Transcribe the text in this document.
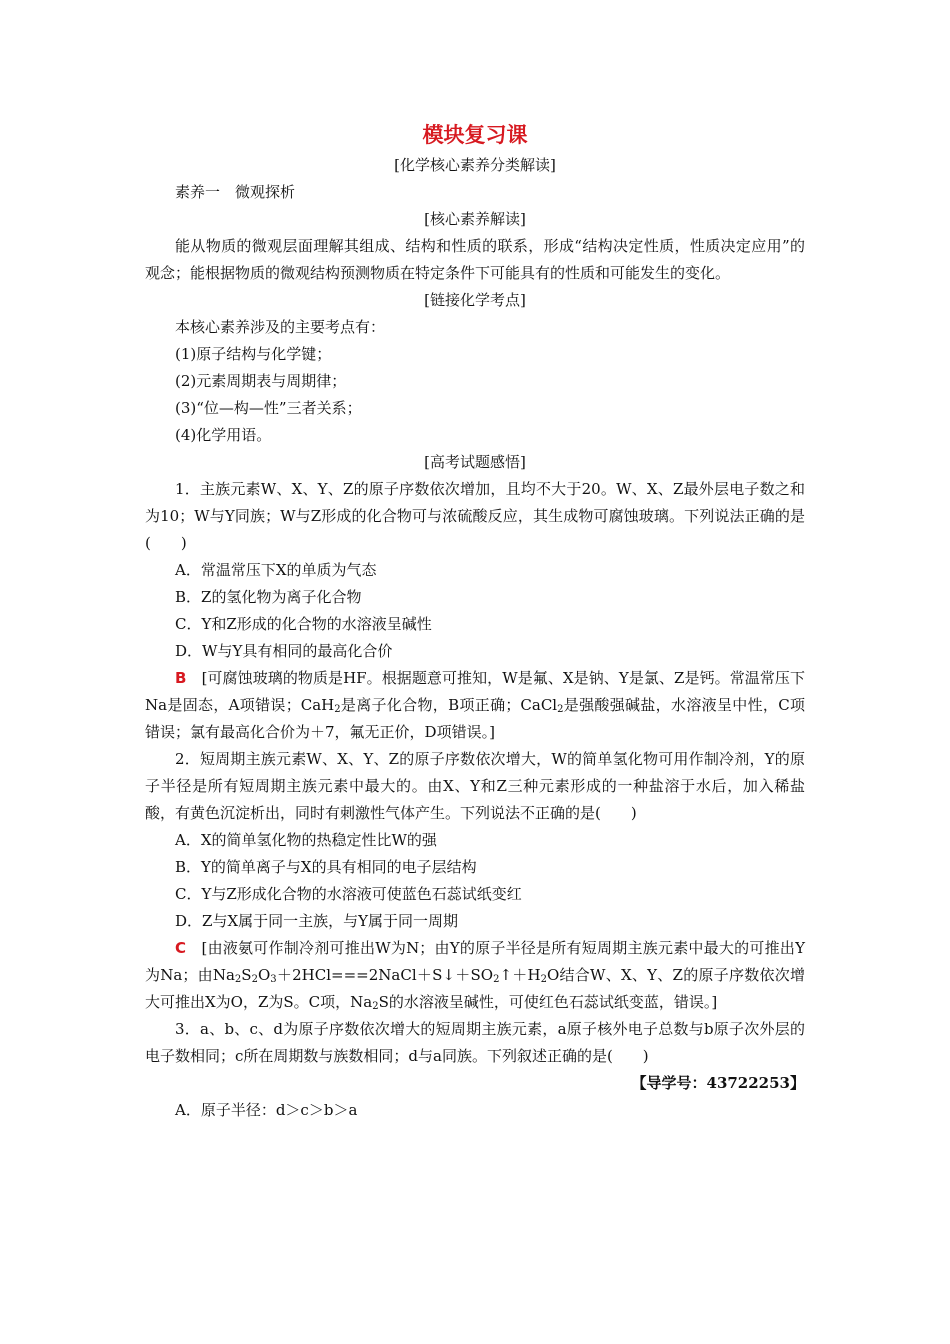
模块复习课
[化学核心素养分类解读]
素养一　微观探析
[核心素养解读]

能从物质的微观层面理解其组成、结构和性质的联系，形成“结构决定性质，性质决定应用”的观念；能根据物质的微观结构预测物质在特定条件下可能具有的性质和可能发生的变化。

[链接化学考点]
本核心素养涉及的主要考点有：
(1)原子结构与化学键；
(2)元素周期表与周期律；
(3)“位—构—性”三者关系；
(4)化学用语。
[高考试题感悟]

1．主族元素W、X、Y、Z的原子序数依次增加，且均不大于20。W、X、Z最外层电子数之和为10；W与Y同族；W与Z形成的化合物可与浓硫酸反应，其生成物可腐蚀玻璃。下列说法正确的是(　　)

A．常温常压下X的单质为气态
B．Z的氢化物为离子化合物
C．Y和Z形成的化合物的水溶液呈碱性
D．W与Y具有相同的最高化合价

B　[可腐蚀玻璃的物质是HF。根据题意可推知，W是氟、X是钠、Y是氯、Z是钙。常温常压下Na是固态，A项错误；CaH$_2$是离子化合物，B项正确；CaCl$_2$是强酸强碱盐，水溶液呈中性，C项错误；氯有最高化合价为＋7，氟无正价，D项错误。]

2．短周期主族元素W、X、Y、Z的原子序数依次增大，W的简单氢化物可用作制冷剂，Y的原子半径是所有短周期主族元素中最大的。由X、Y和Z三种元素形成的一种盐溶于水后，加入稀盐酸，有黄色沉淀析出，同时有刺激性气体产生。下列说法不正确的是(　　)

A．X的简单氢化物的热稳定性比W的强
B．Y的简单离子与X的具有相同的电子层结构
C．Y与Z形成化合物的水溶液可使蓝色石蕊试纸变红
D．Z与X属于同一主族，与Y属于同一周期

C　[由液氨可作制冷剂可推出W为N；由Y的原子半径是所有短周期主族元素中最大的可推出Y为Na；由$Na_2S_2O_3+2HCl===2NaCl+S↓+SO_2↑+H_2O$结合W、X、Y、Z的原子序数依次增大可推出X为O，Z为S。C项，$Na_2S$的水溶液呈碱性，可使红色石蕊试纸变蓝，错误。]

3．a、b、c、d为原子序数依次增大的短周期主族元素，a原子核外电子总数与b原子次外层的电子数相同；c所在周期数与族数相同；d与a同族。下列叙述正确的是(　　)

【导学号：43722253】
A．原子半径：d＞c＞b＞a
